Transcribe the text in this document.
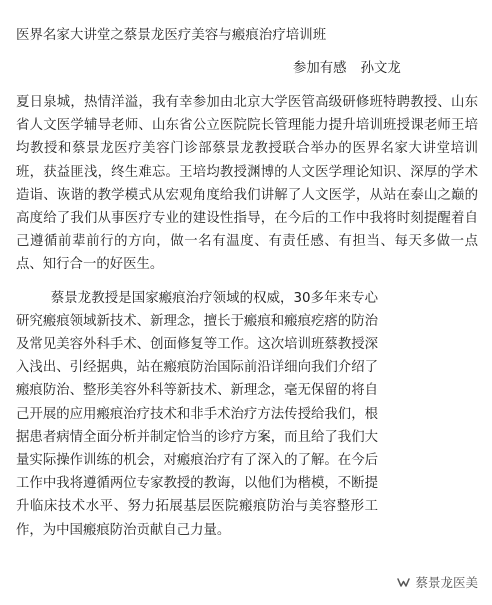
医界名家大讲堂之蔡景龙医疗美容与瘢痕治疗培训班

参加有感 孙文龙

夏日泉城，热情洋溢，我有幸参加由北京大学医管高级研修班特聘教授、山东省人文医学辅导老师、山东省公立医院院长管理能力提升培训班授课老师王培均教授和蔡景龙医疗美容门诊部蔡景龙教授联合举办的医界名家大讲堂培训班，获益匪浅，终生难忘。王培均教授渊博的人文医学理论知识、深厚的学术造诣、诙谐的教学模式从宏观角度给我们讲解了人文医学，从站在泰山之巅的高度给了我们从事医疗专业的建设性指导，在今后的工作中我将时刻提醒着自己遵循前辈前行的方向，做一名有温度、有责任感、有担当、每天多做一点点、知行合一的好医生。

蔡景龙教授是国家瘢痕治疗领域的权威，30多年来专心研究瘢痕领域新技术、新理念，擅长于瘢痕和瘢痕疙瘩的防治及常见美容外科手术、创面修复等工作。这次培训班蔡教授深入浅出、引经据典，站在瘢痕防治国际前沿详细向我们介绍了瘢痕防治、整形美容外科等新技术、新理念，毫无保留的将自己开展的应用瘢痕治疗技术和非手术治疗方法传授给我们，根据患者病情全面分析并制定恰当的诊疗方案，而且给了我们大量实际操作训练的机会，对瘢痕治疗有了深入的了解。在今后工作中我将遵循两位专家教授的教诲，以他们为楷模，不断提升临床技术水平、努力拓展基层医院瘢痕防治与美容整形工作，为中国瘢痕防治贡献自己力量。

蔡景龙医美
